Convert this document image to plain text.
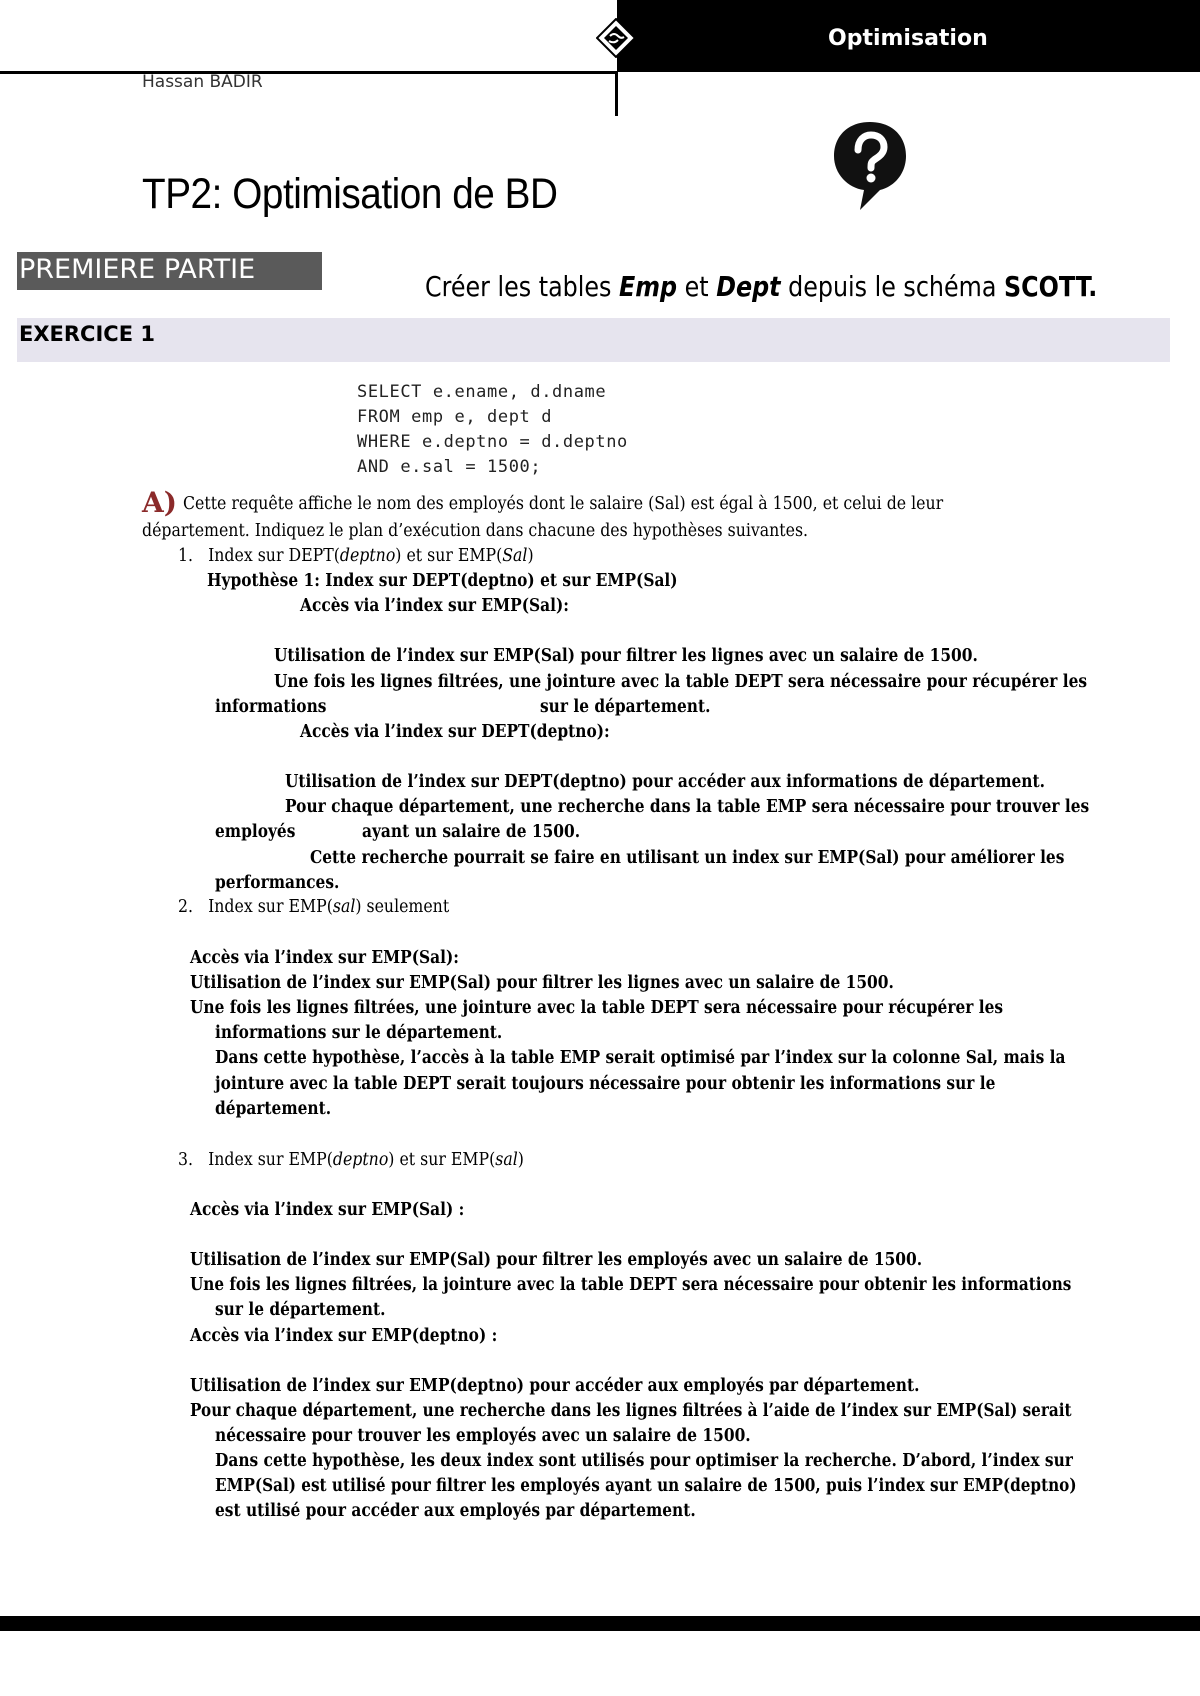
Optimisation
Hassan BADIR
TP2: Optimisation de BD
PREMIERE PARTIE
Créer les tables Emp et Dept depuis le schéma SCOTT.
EXERCICE 1
SELECT e.ename, d.dname
FROM emp e, dept d
WHERE e.deptno = d.deptno
AND e.sal = 1500;
A) Cette requête affiche le nom des employés dont le salaire (Sal) est égal à 1500, et celui de leur
département. Indiquez le plan d’exécution dans chacune des hypothèses suivantes.
1. Index sur DEPT(deptno) et sur EMP(Sal)
Hypothèse 1: Index sur DEPT(deptno) et sur EMP(Sal)
Accès via l’index sur EMP(Sal):
Utilisation de l’index sur EMP(Sal) pour filtrer les lignes avec un salaire de 1500.
Une fois les lignes filtrées, une jointure avec la table DEPT sera nécessaire pour récupérer les
informations	sur le département.
Accès via l’index sur DEPT(deptno):
Utilisation de l’index sur DEPT(deptno) pour accéder aux informations de département.
Pour chaque département, une recherche dans la table EMP sera nécessaire pour trouver les
employés	ayant un salaire de 1500.
Cette recherche pourrait se faire en utilisant un index sur EMP(Sal) pour améliorer les
performances.
2. Index sur EMP(sal) seulement
Accès via l’index sur EMP(Sal):
Utilisation de l’index sur EMP(Sal) pour filtrer les lignes avec un salaire de 1500.
Une fois les lignes filtrées, une jointure avec la table DEPT sera nécessaire pour récupérer les
informations sur le département.
Dans cette hypothèse, l’accès à la table EMP serait optimisé par l’index sur la colonne Sal, mais la
jointure avec la table DEPT serait toujours nécessaire pour obtenir les informations sur le
département.
3. Index sur EMP(deptno) et sur EMP(sal)
Accès via l’index sur EMP(Sal) :
Utilisation de l’index sur EMP(Sal) pour filtrer les employés avec un salaire de 1500.
Une fois les lignes filtrées, la jointure avec la table DEPT sera nécessaire pour obtenir les informations
sur le département.
Accès via l’index sur EMP(deptno) :
Utilisation de l’index sur EMP(deptno) pour accéder aux employés par département.
Pour chaque département, une recherche dans les lignes filtrées à l’aide de l’index sur EMP(Sal) serait
nécessaire pour trouver les employés avec un salaire de 1500.
Dans cette hypothèse, les deux index sont utilisés pour optimiser la recherche. D’abord, l’index sur
EMP(Sal) est utilisé pour filtrer les employés ayant un salaire de 1500, puis l’index sur EMP(deptno)
est utilisé pour accéder aux employés par département.
